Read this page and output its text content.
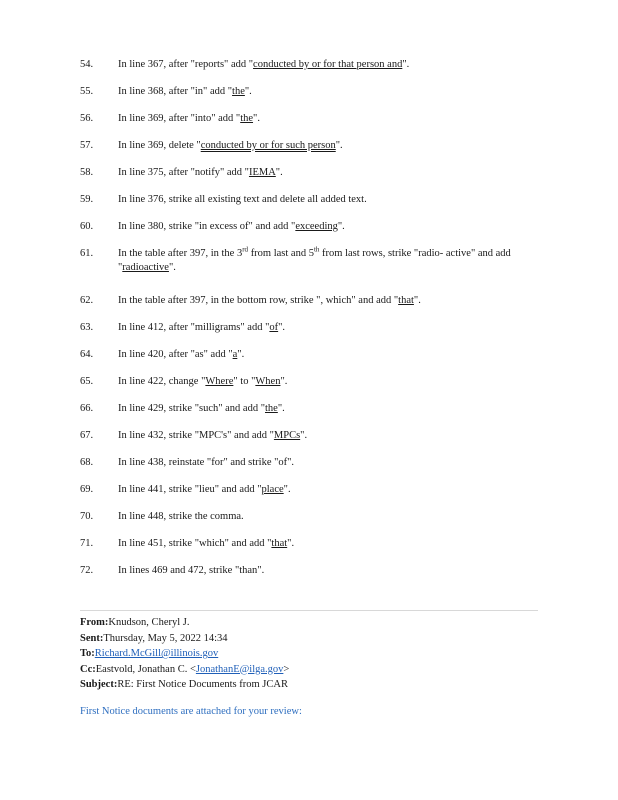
54.	In line 367, after "reports" add "conducted by or for that person and".
55.	In line 368, after "in" add "the".
56.	In line 369, after "into" add "the".
57.	In line 369, delete "conducted by or for such person".
58.	In line 375, after "notify" add "IEMA".
59.	In line 376, strike all existing text and delete all added text.
60.	In line 380, strike "in excess of" and add "exceeding".
61.	In the table after 397, in the 3rd from last and 5th from last rows, strike "radio- active" and add "radioactive".
62.	In the table after 397, in the bottom row, strike ", which" and add "that".
63.	In line 412, after "milligrams" add "of".
64.	In line 420, after "as" add "a".
65.	In line 422, change "Where" to "When".
66.	In line 429, strike "such" and add "the".
67.	In line 432, strike "MPC's" and add "MPCs".
68.	In line 438, reinstate "for" and strike "of".
69.	In line 441, strike "lieu" and add "place".
70.	In line 448, strike the comma.
71.	In line 451, strike "which" and add "that".
72.	In lines 469 and 472, strike "than".
From:Knudson, Cheryl J.
Sent:Thursday, May 5, 2022 14:34
To:Richard.McGill@illinois.gov
Cc:Eastvold, Jonathan C. <JonathanE@ilga.gov>
Subject:RE: First Notice Documents from JCAR
First Notice documents are attached for your review:
